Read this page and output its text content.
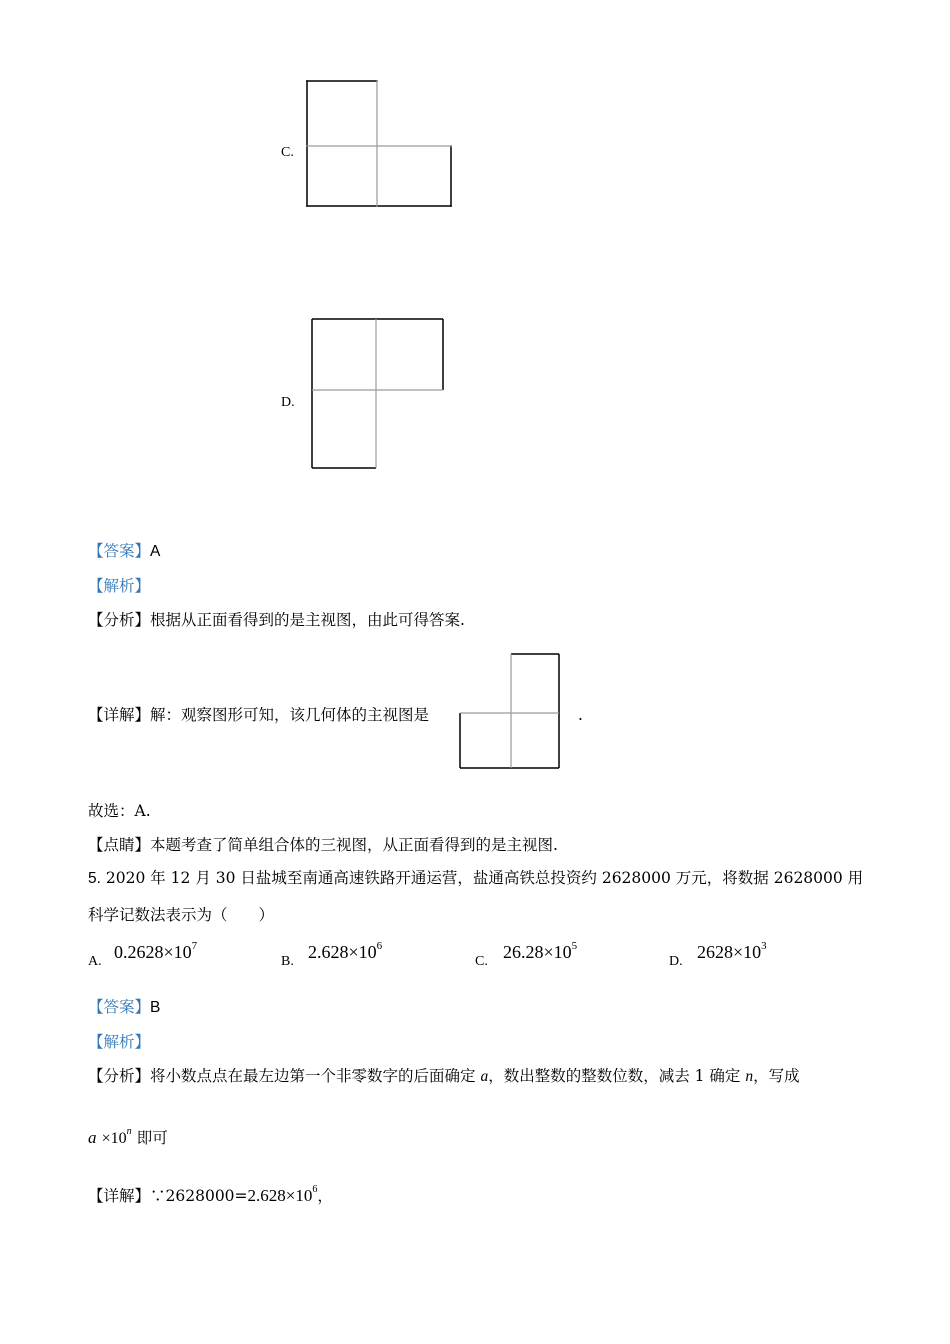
C.
D.
【答案】A
【解析】
【分析】根据从正面看得到的是主视图，由此可得答案.
【详解】解：观察图形可知，该几何体的主视图是	.
故选：A.
【点睛】本题考查了简单组合体的三视图，从正面看得到的是主视图.
5. 2020 年 12 月 30 日盐城至南通高速铁路开通运营，盐通高铁总投资约 2628000 万元，将数据 2628000 用
科学记数法表示为（　　）
A. $0.2628\times 10^7$
B. $2.628\times 10^6$
C. $26.28\times 10^5$
D. $2628\times 10^3$
【答案】B
【解析】
【分析】将小数点点在最左边第一个非零数字的后面确定 a，数出整数的整数位数，减去 1 确定 n，写成
$a \times 10^n$ 即可
【详解】$\because 2628000=2.628\times 10^6$，
